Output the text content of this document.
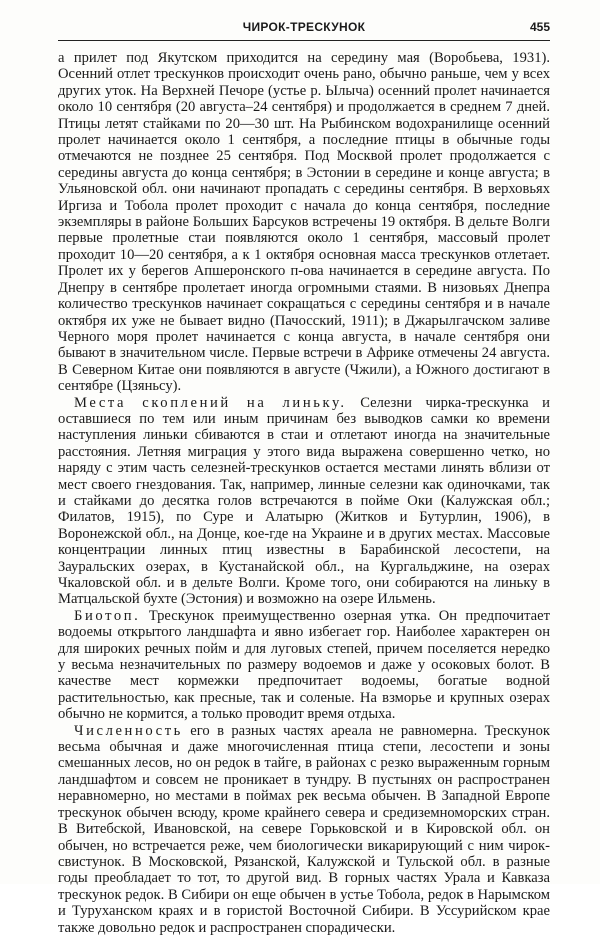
ЧИРОК-ТРЕСКУНОК	455

а прилет под Якутском приходится на середину мая (Воробьева, 1931). Осенний отлет трескунков происходит очень рано, обычно раньше, чем у всех других уток. На Верхней Печоре (устье р. Ылыча) осенний пролет начинается около 10 сентября (20 августа–24 сентября) и продолжается в среднем 7 дней. Птицы летят стайками по 20—30 шт. На Рыбинском водохранилище осенний пролет начинается около 1 сентября, а последние птицы в обычные годы отмечаются не позднее 25 сентября. Под Москвой пролет продолжается с середины августа до конца сентября; в Эстонии в середине и конце августа; в Ульяновской обл. они начинают пропадать с середины сентября. В верховьях Иргиза и Тобола пролет проходит с начала до конца сентября, последние экземпляры в районе Больших Барсуков встречены 19 октября. В дельте Волги первые пролетные стаи появляются около 1 сентября, массовый пролет проходит 10—20 сентября, а к 1 октября основная масса трескунков отлетает. Пролет их у берегов Апшеронского п-ова начинается в середине августа. По Днепру в сентябре пролетает иногда огромными стаями. В низовьях Днепра количество трескунков начинает сокращаться с середины сентября и в начале октября их уже не бывает видно (Пачосский, 1911); в Джарылгачском заливе Черного моря пролет начинается с конца августа, в начале сентября они бывают в значительном числе. Первые встречи в Африке отмечены 24 августа. В Северном Китае они появляются в августе (Чжили), а Южного достигают в сентябре (Цзяньсу).

Места скоплений на линьку. Селезни чирка-трескунка и оставшиеся по тем или иным причинам без выводков самки ко времени наступления линьки сбиваются в стаи и отлетают иногда на значительные расстояния. Летняя миграция у этого вида выражена совершенно четко, но наряду с этим часть селезней-трескунков остается местами линять вблизи от мест своего гнездования. Так, например, линные селезни как одиночками, так и стайками до десятка голов встречаются в пойме Оки (Калужская обл.; Филатов, 1915), по Суре и Алатырю (Житков и Бутурлин, 1906), в Воронежской обл., на Донце, кое-где на Украине и в других местах. Массовые концентрации линных птиц известны в Барабинской лесостепи, на Зауральских озерах, в Кустанайской обл., на Кургальджине, на озерах Чкаловской обл. и в дельте Волги. Кроме того, они собираются на линьку в Матцальской бухте (Эстония) и возможно на озере Ильмень.

Биотоп. Трескунок преимущественно озерная утка. Он предпочитает водоемы открытого ландшафта и явно избегает гор. Наиболее характерен он для широких речных пойм и для луговых степей, причем поселяется нередко у весьма незначительных по размеру водоемов и даже у осоковых болот. В качестве мест кормежки предпочитает водоемы, богатые водной растительностью, как пресные, так и соленые. На взморье и крупных озерах обычно не кормится, а только проводит время отдыха.

Численность его в разных частях ареала не равномерна. Трескунок весьма обычная и даже многочисленная птица степи, лесостепи и зоны смешанных лесов, но он редок в тайге, в районах с резко выраженным горным ландшафтом и совсем не проникает в тундру. В пустынях он распространен неравномерно, но местами в поймах рек весьма обычен. В Западной Европе трескунок обычен всюду, кроме крайнего севера и средиземноморских стран. В Витебской, Ивановской, на севере Горьковской и в Кировской обл. он обычен, но встречается реже, чем биологически викарирующий с ним чирок-свистунок. В Московской, Рязанской, Калужской и Тульской обл. в разные годы преобладает то тот, то другой вид. В горных частях Урала и Кавказа трескунок редок. В Сибири он еще обычен в устье Тобола, редок в Нарымском и Туруханском краях и в гористой Восточной Сибири. В Уссурийском крае также довольно редок и распространен спорадически.
